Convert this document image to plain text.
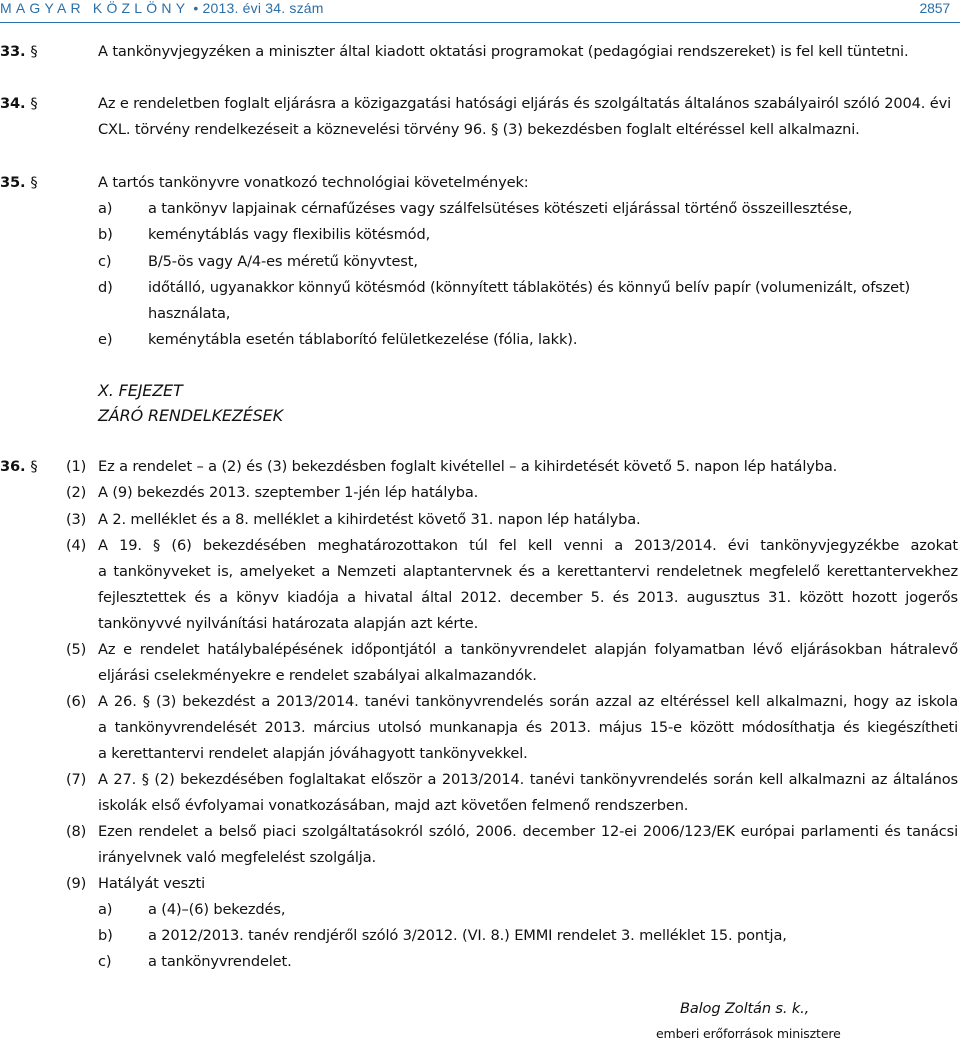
MAGYAR KÖZLÖNY • 2013. évi 34. szám	2857
33. §	A tankönyvjegyzéken a miniszter által kiadott oktatási programokat (pedagógiai rendszereket) is fel kell tüntetni.
34. §	Az e rendeletben foglalt eljárásra a közigazgatási hatósági eljárás és szolgáltatás általános szabályairól szóló 2004. évi
CXL. törvény rendelkezéseit a köznevelési törvény 96. § (3) bekezdésben foglalt eltéréssel kell alkalmazni.
35. §	A tartós tankönyvre vonatkozó technológiai követelmények:
a) a tankönyv lapjainak cérnafűzéses vagy szálfelsütéses kötészeti eljárással történő összeillesztése,
b) keménytáblás vagy flexibilis kötésmód,
c)	B/5-ös vagy A/4-es méretű könyvtest,
d) időtálló, ugyanakkor könnyű kötésmód (könnyített táblakötés) és könnyű belív papír (volumenizált, ofszet)
használata,
e) keménytábla esetén táblaborító felületkezelése (fólia, lakk).
X. FEJEZET
ZÁRÓ RENDELKEZÉSEK
36. § (1) Ez a rendelet – a (2) és (3) bekezdésben foglalt kivétellel – a kihirdetését követő 5. napon lép hatályba.
(2) A (9) bekezdés 2013. szeptember 1-jén lép hatályba.
(3) A 2. melléklet és a 8. melléklet a kihirdetést követő 31. napon lép hatályba.
(4) A 19. § (6) bekezdésében meghatározottakon túl fel kell venni a 2013/2014. évi tankönyvjegyzékbe azokat
a tankönyveket is, amelyeket a Nemzeti alaptantervnek és a kerettantervi rendeletnek megfelelő kerettantervekhez
fejlesztettek és a könyv kiadója a hivatal által 2012. december 5. és 2013. augusztus 31. között hozott jogerős
tankönyvvé nyilvánítási határozata alapján azt kérte.
(5) Az e rendelet hatálybalépésének időpontjától a tankönyvrendelet alapján folyamatban lévő eljárásokban hátralevő
eljárási cselekményekre e rendelet szabályai alkalmazandók.
(6) A 26. § (3) bekezdést a 2013/2014. tanévi tankönyvrendelés során azzal az eltéréssel kell alkalmazni, hogy az iskola
a tankönyvrendelését 2013. március utolsó munkanapja és 2013. május 15-e között módosíthatja és kiegészítheti
a kerettantervi rendelet alapján jóváhagyott tankönyvekkel.
(7) A 27. § (2) bekezdésében foglaltakat először a 2013/2014. tanévi tankönyvrendelés során kell alkalmazni az általános
iskolák első évfolyamai vonatkozásában, majd azt követően felmenő rendszerben.
(8) Ezen rendelet a belső piaci szolgáltatásokról szóló, 2006. december 12-ei 2006/123/EK európai parlamenti és tanácsi
irányelvnek való megfelelést szolgálja.
(9) Hatályát veszti
a) a (4)–(6) bekezdés,
b) a 2012/2013. tanév rendjéről szóló 3/2012. (VI. 8.) EMMI rendelet 3. melléklet 15. pontja,
c)	a tankönyvrendelet.
Balog Zoltán s. k.,
emberi erőforrások minisztere
